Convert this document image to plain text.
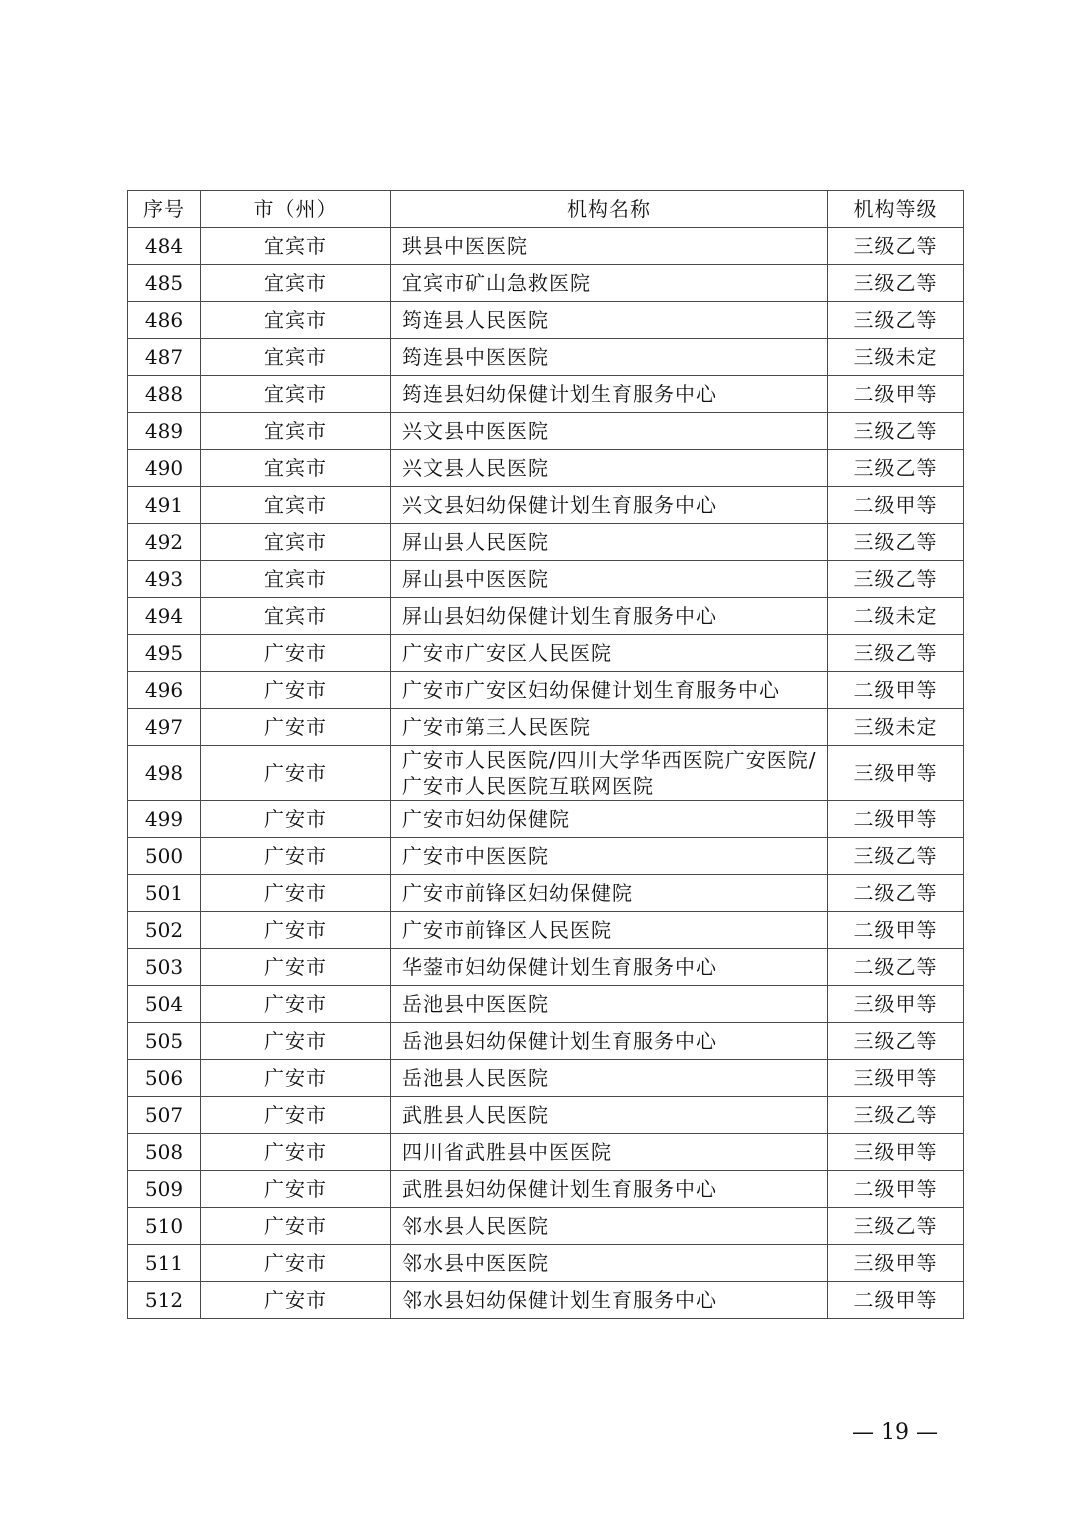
序号	市（州）	机构名称	机构等级
484	宜宾市	珙县中医医院	三级乙等
485	宜宾市	宜宾市矿山急救医院	三级乙等
486	宜宾市	筠连县人民医院	三级乙等
487	宜宾市	筠连县中医医院	三级未定
488	宜宾市	筠连县妇幼保健计划生育服务中心	二级甲等
489	宜宾市	兴文县中医医院	三级乙等
490	宜宾市	兴文县人民医院	三级乙等
491	宜宾市	兴文县妇幼保健计划生育服务中心	二级甲等
492	宜宾市	屏山县人民医院	三级乙等
493	宜宾市	屏山县中医医院	三级乙等
494	宜宾市	屏山县妇幼保健计划生育服务中心	二级未定
495	广安市	广安市广安区人民医院	三级乙等
496	广安市	广安市广安区妇幼保健计划生育服务中心	二级甲等
497	广安市	广安市第三人民医院	三级未定
498	广安市	广安市人民医院/四川大学华西医院广安医院/广安市人民医院互联网医院	三级甲等
499	广安市	广安市妇幼保健院	二级甲等
500	广安市	广安市中医医院	三级乙等
501	广安市	广安市前锋区妇幼保健院	二级乙等
502	广安市	广安市前锋区人民医院	二级甲等
503	广安市	华蓥市妇幼保健计划生育服务中心	二级乙等
504	广安市	岳池县中医医院	三级甲等
505	广安市	岳池县妇幼保健计划生育服务中心	三级乙等
506	广安市	岳池县人民医院	三级甲等
507	广安市	武胜县人民医院	三级乙等
508	广安市	四川省武胜县中医医院	三级甲等
509	广安市	武胜县妇幼保健计划生育服务中心	二级甲等
510	广安市	邻水县人民医院	三级乙等
511	广安市	邻水县中医医院	三级甲等
512	广安市	邻水县妇幼保健计划生育服务中心	二级甲等
— 19 —
